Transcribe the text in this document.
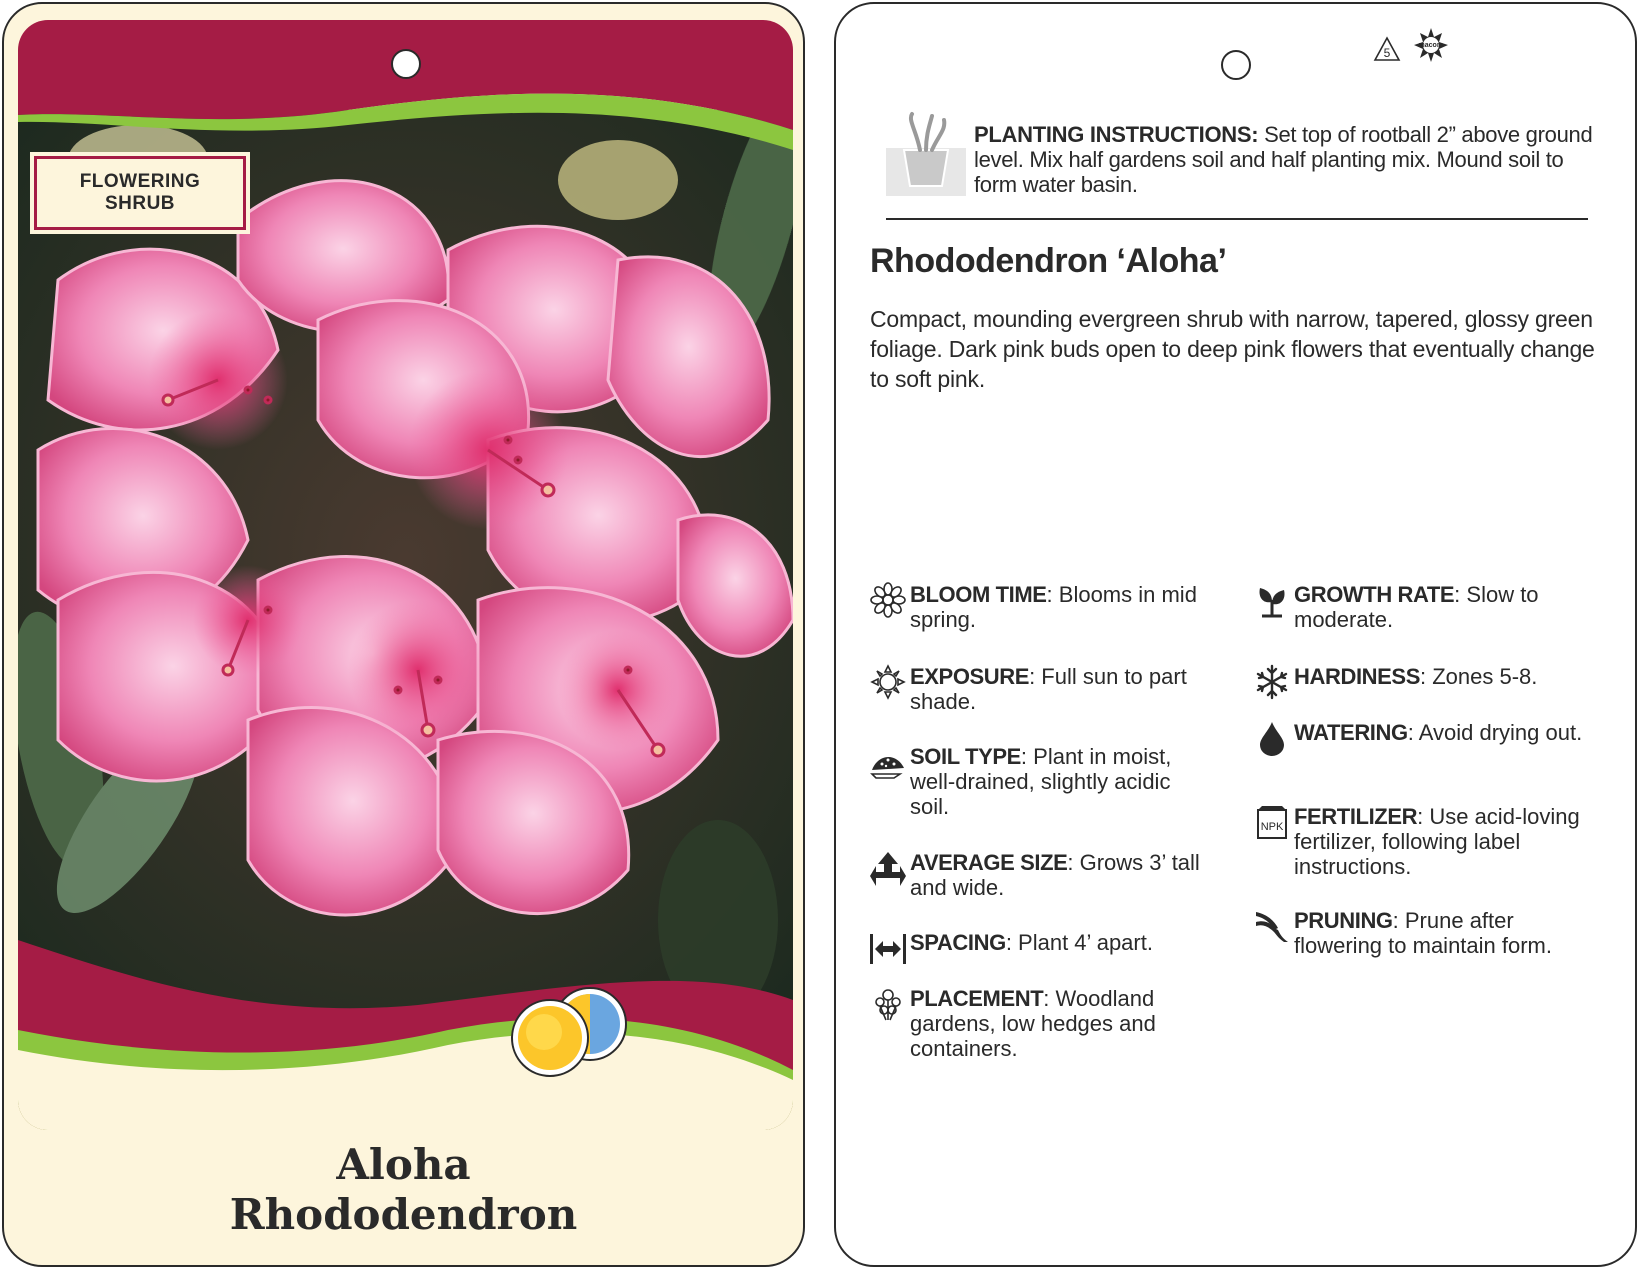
FLOWERING
SHRUB
Aloha
Rhododendron
5
macore
PLANTING INSTRUCTIONS: Set top of rootball 2” above ground level. Mix half gardens soil and half planting mix. Mound soil to form water basin.
Rhododendron ‘Aloha’
Compact, mounding evergreen shrub with narrow, tapered, glossy green foliage. Dark pink buds open to deep pink flowers that eventually change to soft pink.
BLOOM TIME: Blooms in mid spring.
EXPOSURE: Full sun to part shade.
SOIL TYPE: Plant in moist, well-drained, slightly acidic soil.
AVERAGE SIZE: Grows 3’ tall and wide.
SPACING: Plant 4’ apart.
PLACEMENT: Woodland gardens, low hedges and containers.
GROWTH RATE: Slow to moderate.
HARDINESS: Zones 5-8.
WATERING: Avoid drying out.
NPK FERTILIZER: Use acid-loving fertilizer, following label instructions.
PRUNING: Prune after flowering to maintain form.
